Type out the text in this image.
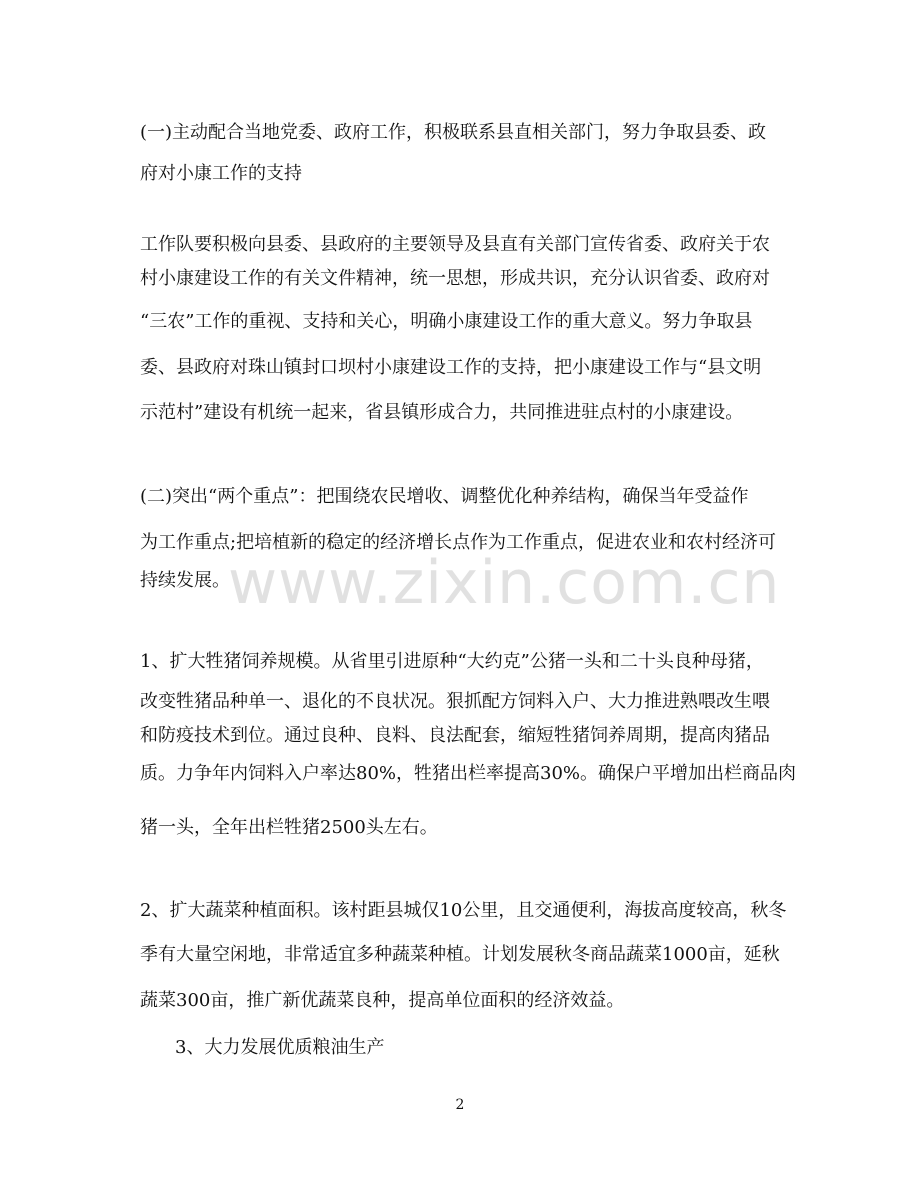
(一)主动配合当地党委、政府工作，积极联系县直相关部门，努力争取县委、政
府对小康工作的支持
工作队要积极向县委、县政府的主要领导及县直有关部门宣传省委、政府关于农
村小康建设工作的有关文件精神，统一思想，形成共识，充分认识省委、政府对
“三农”工作的重视、支持和关心，明确小康建设工作的重大意义。努力争取县
委、县政府对珠山镇封口坝村小康建设工作的支持，把小康建设工作与“县文明
示范村”建设有机统一起来，省县镇形成合力，共同推进驻点村的小康建设。
(二)突出“两个重点”：把围绕农民增收、调整优化种养结构，确保当年受益作
为工作重点;把培植新的稳定的经济增长点作为工作重点，促进农业和农村经济可
持续发展。
1、扩大牲猪饲养规模。从省里引进原种“大约克”公猪一头和二十头良种母猪，
改变牲猪品种单一、退化的不良状况。狠抓配方饲料入户、大力推进熟喂改生喂
和防疫技术到位。通过良种、良料、良法配套，缩短牲猪饲养周期，提高肉猪品
质。力争年内饲料入户率达80%，牲猪出栏率提高30%。确保户平增加出栏商品肉
猪一头，全年出栏牲猪2500头左右。
2、扩大蔬菜种植面积。该村距县城仅10公里，且交通便利，海拔高度较高，秋冬
季有大量空闲地，非常适宜多种蔬菜种植。计划发展秋冬商品蔬菜1000亩，延秋
蔬菜300亩，推广新优蔬菜良种，提高单位面积的经济效益。
3、大力发展优质粮油生产
www.zixin.com.cn
2
